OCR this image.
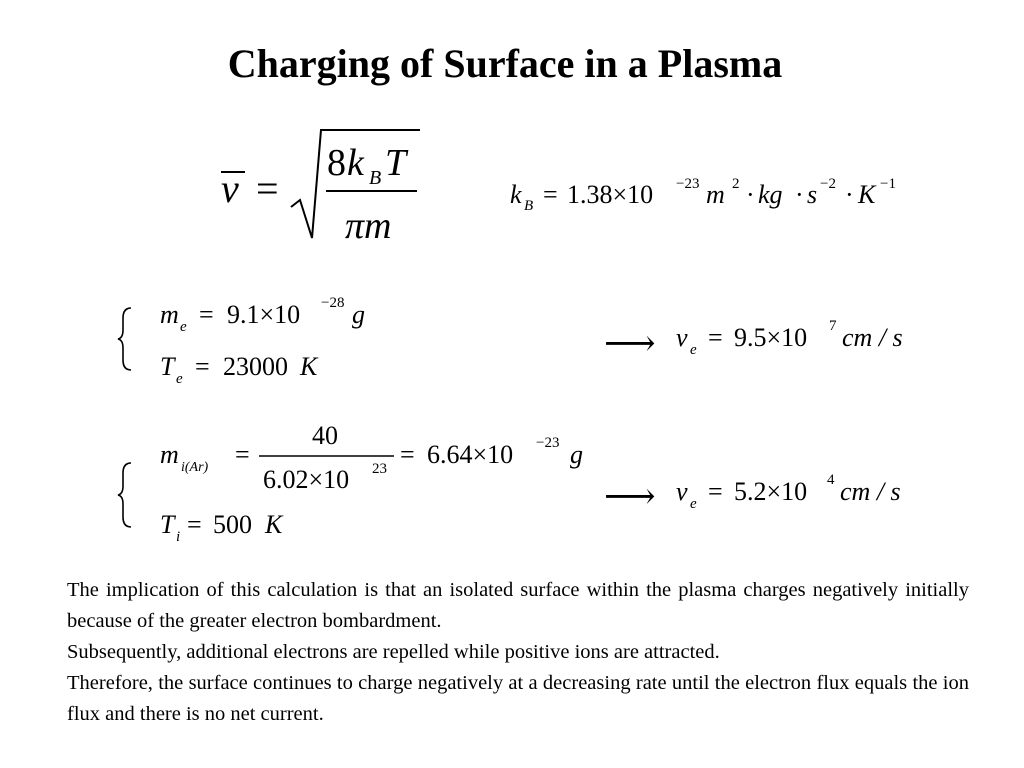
Charging of Surface in a Plasma
v =
8 k B T
πm
k B = 1.38×10 −23 m 2 · kg · s −2 · K −1
m e = 9.1×10 −28 g
T e = 23000 K
⟶ v e = 9.5×10 7 cm / s
m i(Ar) =
40
6.02×10 23 = 6.64×10 −23 g
T i = 500 K
⟶ v e = 5.2×10 4 cm / s
The implication of this calculation is that an isolated surface within the plasma charges negatively initially because of the greater electron bombardment.
Subsequently, additional electrons are repelled while positive ions are attracted.
Therefore, the surface continues to charge negatively at a decreasing rate until the electron flux equals the ion flux and there is no net current.
